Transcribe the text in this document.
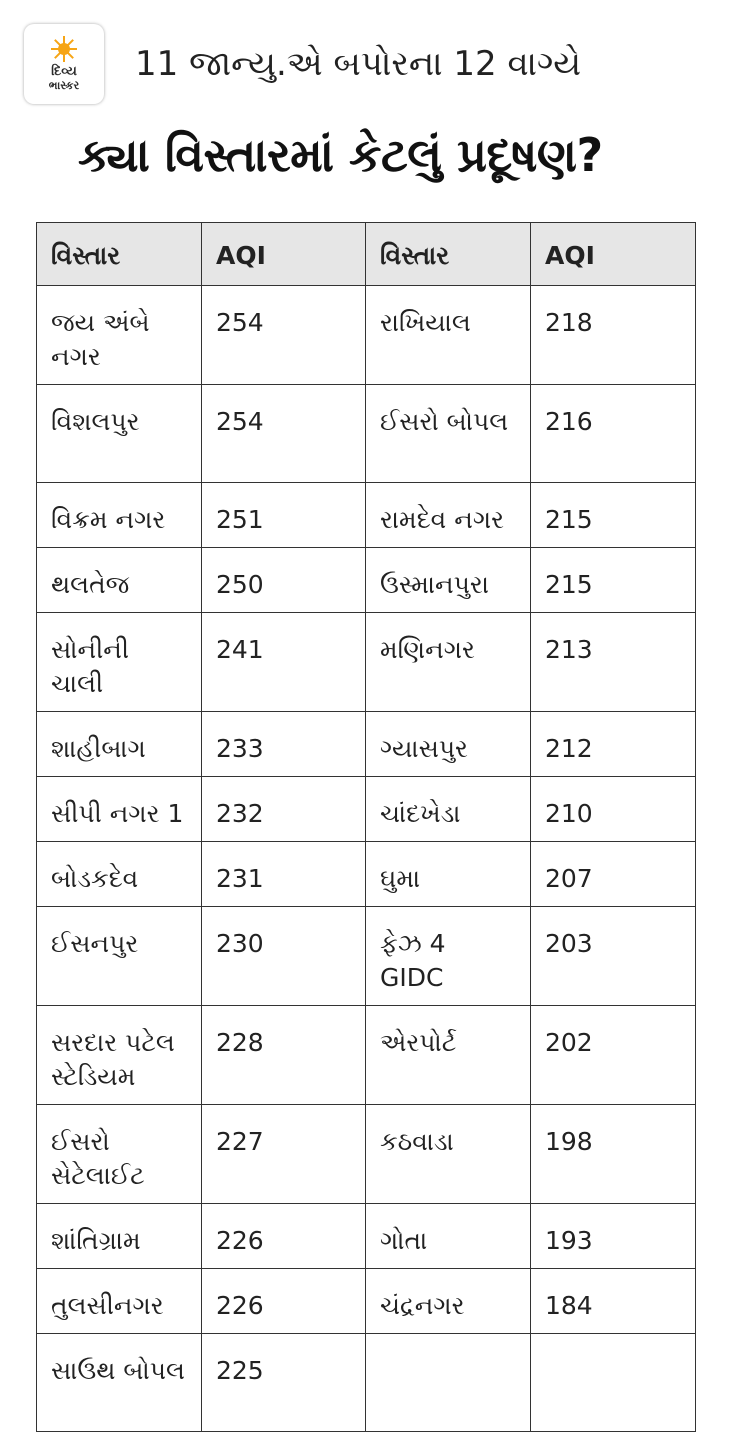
દિવ્ય
ભાસ્કર
11 જાન્યુ.એ બપોરના 12 વાગ્યે
ક્યા વિસ્તારમાં કેટલું પ્રદૂષણ?
વિસ્તાર	AQI	વિસ્તાર	AQI
જય અંબે નગર	254	રાખિયાલ	218
વિશલપુર	254	ઈસરો બોપલ	216
વિક્રમ નગર	251	રામદેવ નગર	215
થલતેજ	250	ઉસ્માનપુરા	215
સોનીની ચાલી	241	મણિનગર	213
શાહીબાગ	233	ગ્યાસપુર	212
સીપી નગર 1	232	ચાંદખેડા	210
બોડકદેવ	231	ઘુમા	207
ઈસનપુર	230	ફેઝ 4 GIDC	203
સરદાર પટેલ સ્ટેડિયમ	228	એરપોર્ટ	202
ઈસરો સેટેલાઈટ	227	કઠવાડા	198
શાંતિગ્રામ	226	ગોતા	193
તુલસીનગર	226	ચંદ્રનગર	184
સાઉથ બોપલ	225		
